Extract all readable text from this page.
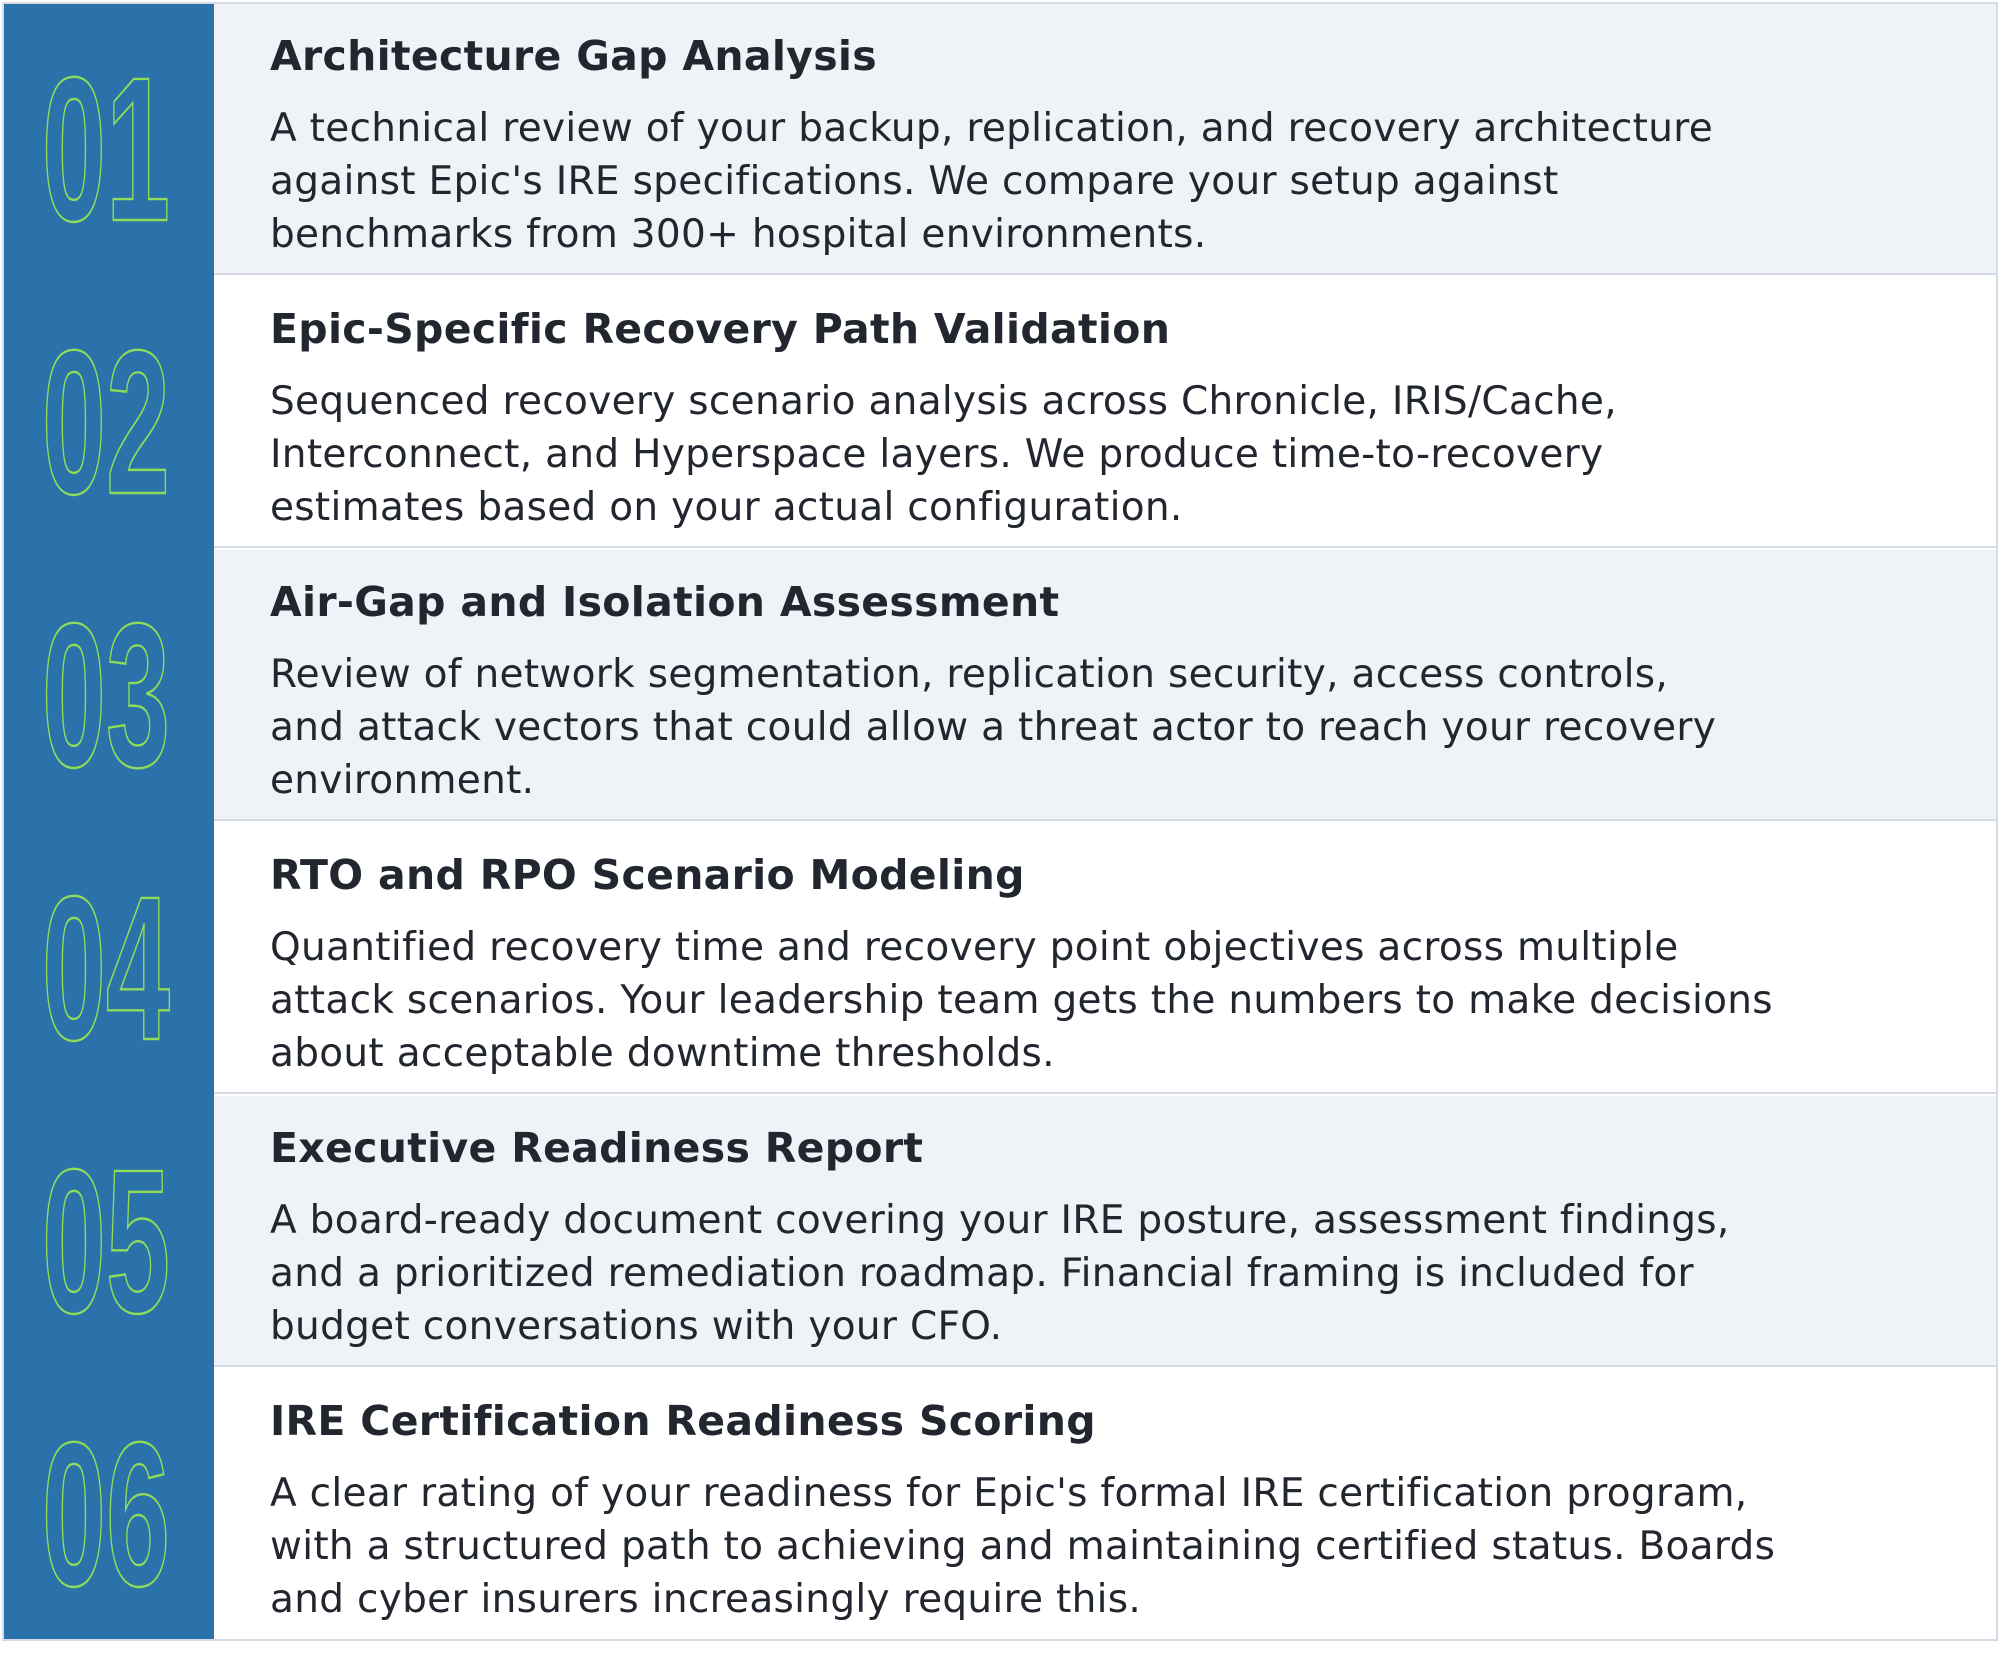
01 Architecture Gap Analysis
A technical review of your backup, replication, and recovery architecture
against Epic's IRE specifications. We compare your setup against
benchmarks from 300+ hospital environments.
02 Epic-Specific Recovery Path Validation
Sequenced recovery scenario analysis across Chronicle, IRIS/Cache,
Interconnect, and Hyperspace layers. We produce time-to-recovery
estimates based on your actual configuration.
03 Air-Gap and Isolation Assessment
Review of network segmentation, replication security, access controls,
and attack vectors that could allow a threat actor to reach your recovery
environment.
04 RTO and RPO Scenario Modeling
Quantified recovery time and recovery point objectives across multiple
attack scenarios. Your leadership team gets the numbers to make decisions
about acceptable downtime thresholds.
05 Executive Readiness Report
A board-ready document covering your IRE posture, assessment findings,
and a prioritized remediation roadmap. Financial framing is included for
budget conversations with your CFO.
06 IRE Certification Readiness Scoring
A clear rating of your readiness for Epic's formal IRE certification program,
with a structured path to achieving and maintaining certified status. Boards
and cyber insurers increasingly require this.
